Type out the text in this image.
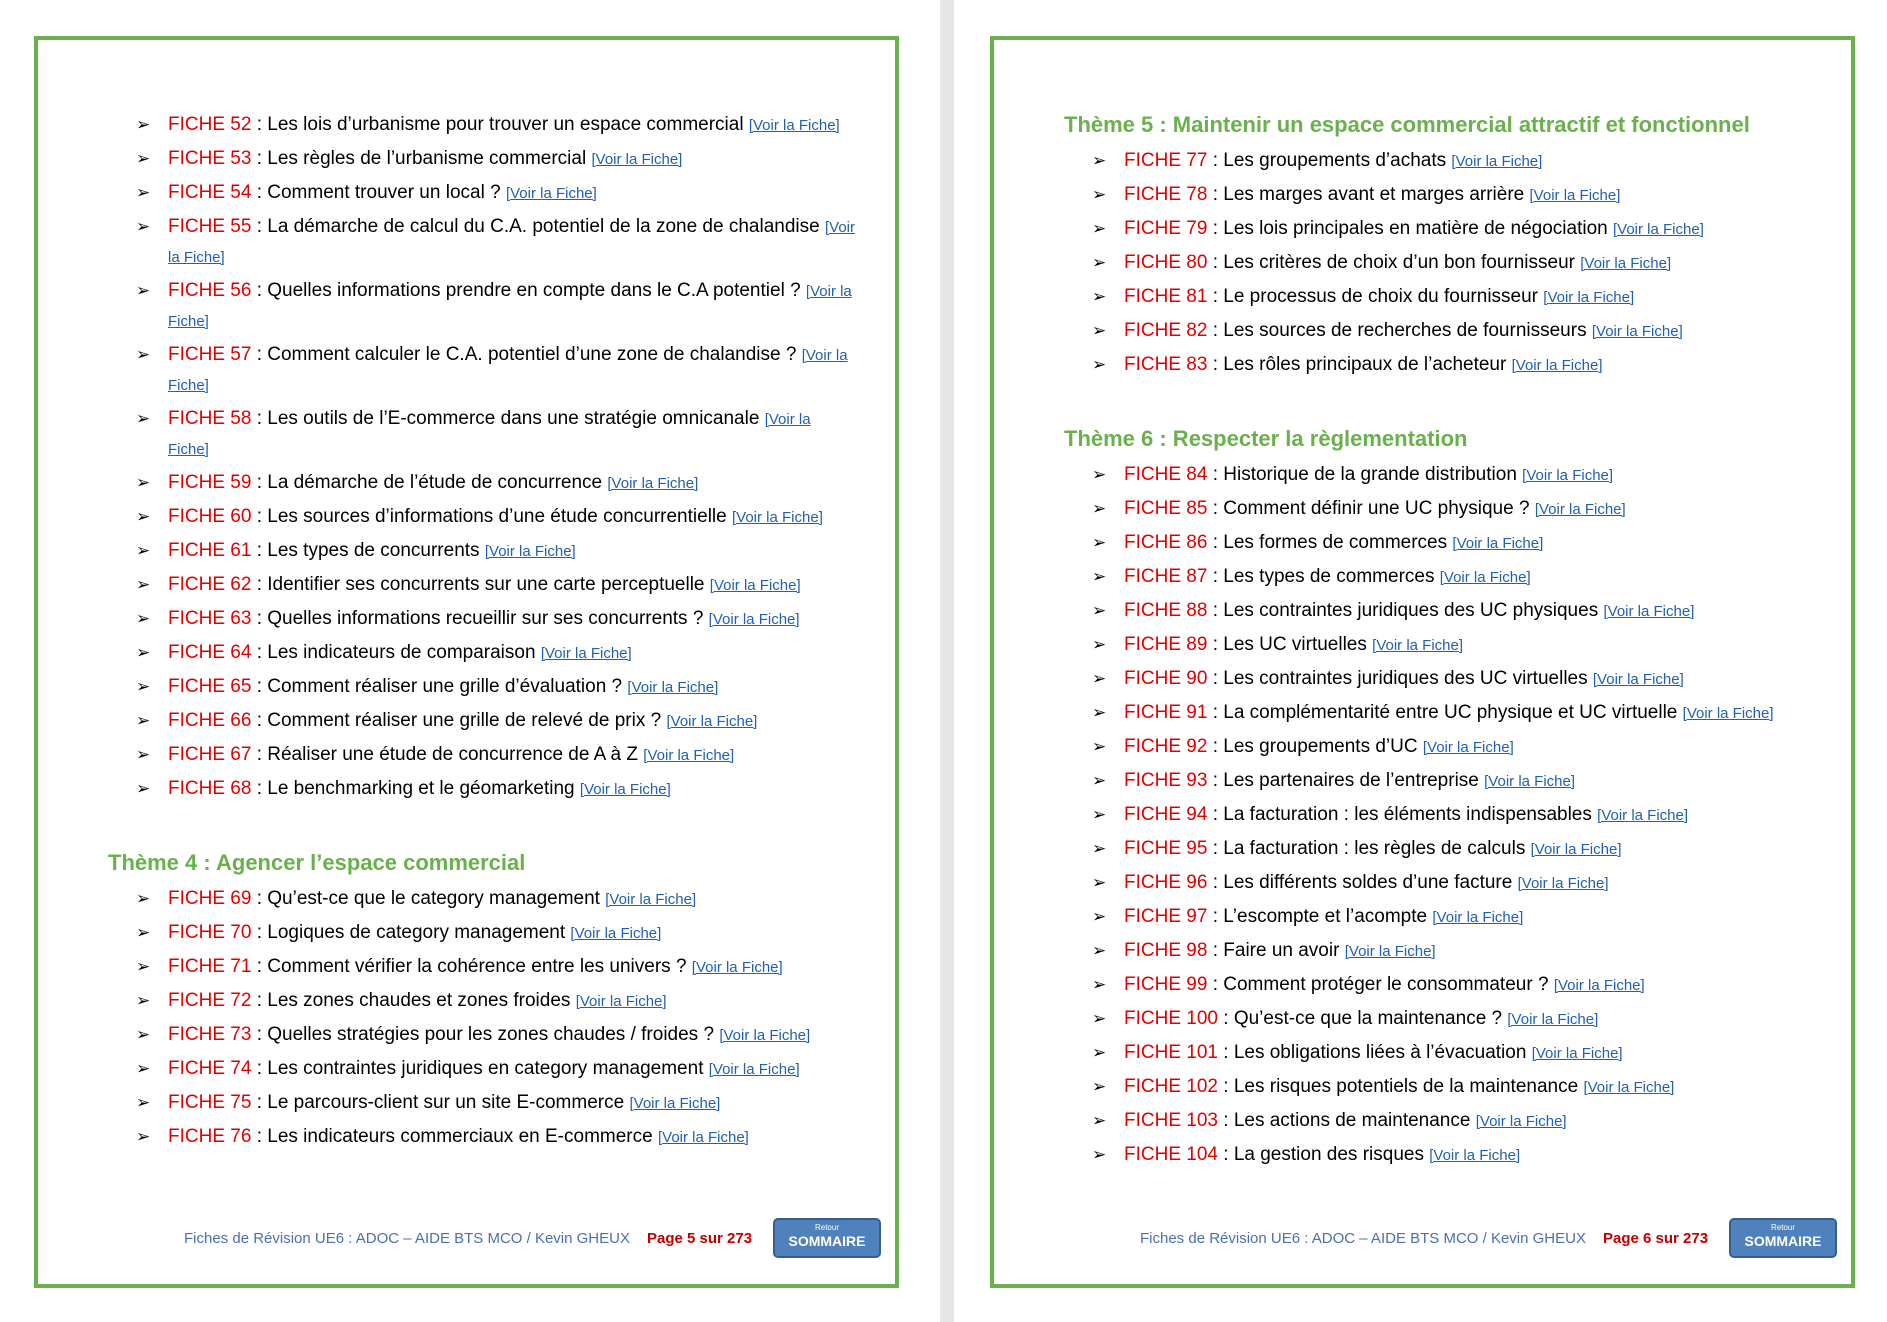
➢ FICHE 52 : Les lois d’urbanisme pour trouver un espace commercial [Voir la Fiche]
➢ FICHE 53 : Les règles de l’urbanisme commercial [Voir la Fiche]
➢ FICHE 54 : Comment trouver un local ? [Voir la Fiche]
➢ FICHE 55 : La démarche de calcul du C.A. potentiel de la zone de chalandise [Voir la Fiche]
➢ FICHE 56 : Quelles informations prendre en compte dans le C.A potentiel ? [Voir la Fiche]
➢ FICHE 57 : Comment calculer le C.A. potentiel d’une zone de chalandise ? [Voir la Fiche]
➢ FICHE 58 : Les outils de l’E-commerce dans une stratégie omnicanale [Voir la Fiche]
➢ FICHE 59 : La démarche de l’étude de concurrence [Voir la Fiche]
➢ FICHE 60 : Les sources d’informations d’une étude concurrentielle [Voir la Fiche]
➢ FICHE 61 : Les types de concurrents [Voir la Fiche]
➢ FICHE 62 : Identifier ses concurrents sur une carte perceptuelle [Voir la Fiche]
➢ FICHE 63 : Quelles informations recueillir sur ses concurrents ? [Voir la Fiche]
➢ FICHE 64 : Les indicateurs de comparaison [Voir la Fiche]
➢ FICHE 65 : Comment réaliser une grille d’évaluation ? [Voir la Fiche]
➢ FICHE 66 : Comment réaliser une grille de relevé de prix ? [Voir la Fiche]
➢ FICHE 67 : Réaliser une étude de concurrence de A à Z [Voir la Fiche]
➢ FICHE 68 : Le benchmarking et le géomarketing [Voir la Fiche]
Thème 4 : Agencer l’espace commercial
➢ FICHE 69 : Qu’est-ce que le category management [Voir la Fiche]
➢ FICHE 70 : Logiques de category management [Voir la Fiche]
➢ FICHE 71 : Comment vérifier la cohérence entre les univers ? [Voir la Fiche]
➢ FICHE 72 : Les zones chaudes et zones froides [Voir la Fiche]
➢ FICHE 73 : Quelles stratégies pour les zones chaudes / froides ? [Voir la Fiche]
➢ FICHE 74 : Les contraintes juridiques en category management [Voir la Fiche]
➢ FICHE 75 : Le parcours-client sur un site E-commerce [Voir la Fiche]
➢ FICHE 76 : Les indicateurs commerciaux en E-commerce [Voir la Fiche]
Fiches de Révision UE6 : ADOC – AIDE BTS MCO / Kevin GHEUX Page 5 sur 273
Retour
SOMMAIRE
Thème 5 : Maintenir un espace commercial attractif et fonctionnel
➢ FICHE 77 : Les groupements d’achats [Voir la Fiche]
➢ FICHE 78 : Les marges avant et marges arrière [Voir la Fiche]
➢ FICHE 79 : Les lois principales en matière de négociation [Voir la Fiche]
➢ FICHE 80 : Les critères de choix d’un bon fournisseur [Voir la Fiche]
➢ FICHE 81 : Le processus de choix du fournisseur [Voir la Fiche]
➢ FICHE 82 : Les sources de recherches de fournisseurs [Voir la Fiche]
➢ FICHE 83 : Les rôles principaux de l’acheteur [Voir la Fiche]
Thème 6 : Respecter la règlementation
➢ FICHE 84 : Historique de la grande distribution [Voir la Fiche]
➢ FICHE 85 : Comment définir une UC physique ? [Voir la Fiche]
➢ FICHE 86 : Les formes de commerces [Voir la Fiche]
➢ FICHE 87 : Les types de commerces [Voir la Fiche]
➢ FICHE 88 : Les contraintes juridiques des UC physiques [Voir la Fiche]
➢ FICHE 89 : Les UC virtuelles [Voir la Fiche]
➢ FICHE 90 : Les contraintes juridiques des UC virtuelles [Voir la Fiche]
➢ FICHE 91 : La complémentarité entre UC physique et UC virtuelle [Voir la Fiche]
➢ FICHE 92 : Les groupements d’UC [Voir la Fiche]
➢ FICHE 93 : Les partenaires de l’entreprise [Voir la Fiche]
➢ FICHE 94 : La facturation : les éléments indispensables [Voir la Fiche]
➢ FICHE 95 : La facturation : les règles de calculs [Voir la Fiche]
➢ FICHE 96 : Les différents soldes d’une facture [Voir la Fiche]
➢ FICHE 97 : L’escompte et l’acompte [Voir la Fiche]
➢ FICHE 98 : Faire un avoir [Voir la Fiche]
➢ FICHE 99 : Comment protéger le consommateur ? [Voir la Fiche]
➢ FICHE 100 : Qu’est-ce que la maintenance ? [Voir la Fiche]
➢ FICHE 101 : Les obligations liées à l’évacuation [Voir la Fiche]
➢ FICHE 102 : Les risques potentiels de la maintenance [Voir la Fiche]
➢ FICHE 103 : Les actions de maintenance [Voir la Fiche]
➢ FICHE 104 : La gestion des risques [Voir la Fiche]
Fiches de Révision UE6 : ADOC – AIDE BTS MCO / Kevin GHEUX Page 6 sur 273
Retour
SOMMAIRE
